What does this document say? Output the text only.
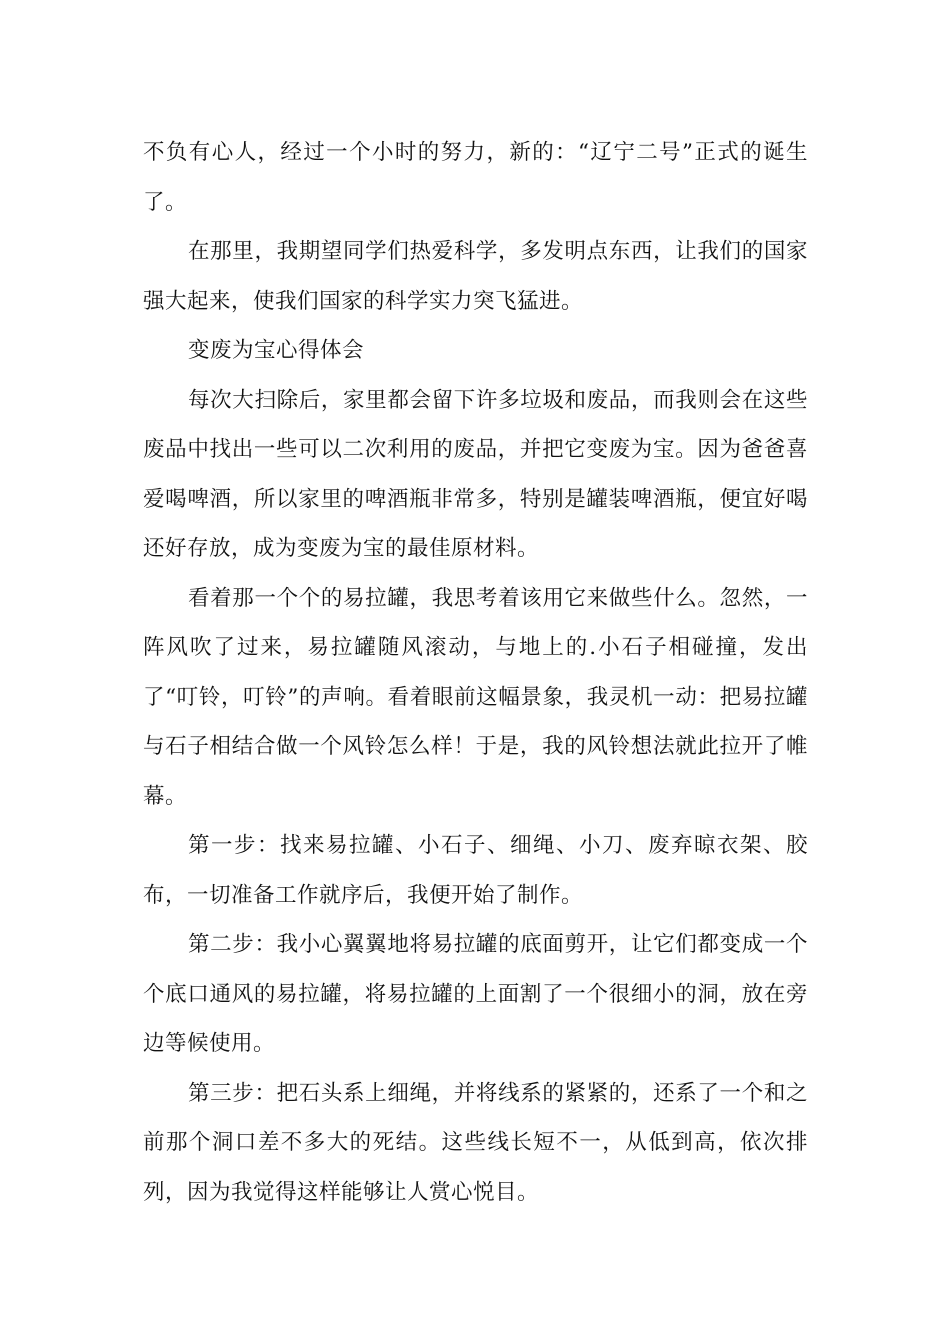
不负有心人，经过一个小时的努力，新的：“辽宁二号”正式的诞生了。

在那里，我期望同学们热爱科学，多发明点东西，让我们的国家强大起来，使我们国家的科学实力突飞猛进。

变废为宝心得体会

每次大扫除后，家里都会留下许多垃圾和废品，而我则会在这些废品中找出一些可以二次利用的废品，并把它变废为宝。因为爸爸喜爱喝啤酒，所以家里的啤酒瓶非常多，特别是罐装啤酒瓶，便宜好喝还好存放，成为变废为宝的最佳原材料。

看着那一个个的易拉罐，我思考着该用它来做些什么。忽然，一阵风吹了过来，易拉罐随风滚动，与地上的.小石子相碰撞，发出了“叮铃，叮铃”的声响。看着眼前这幅景象，我灵机一动：把易拉罐与石子相结合做一个风铃怎么样！于是，我的风铃想法就此拉开了帷幕。

第一步：找来易拉罐、小石子、细绳、小刀、废弃晾衣架、胶布，一切准备工作就序后，我便开始了制作。

第二步：我小心翼翼地将易拉罐的底面剪开，让它们都变成一个个底口通风的易拉罐，将易拉罐的上面割了一个很细小的洞，放在旁边等候使用。

第三步：把石头系上细绳，并将线系的紧紧的，还系了一个和之前那个洞口差不多大的死结。这些线长短不一，从低到高，依次排列，因为我觉得这样能够让人赏心悦目。
